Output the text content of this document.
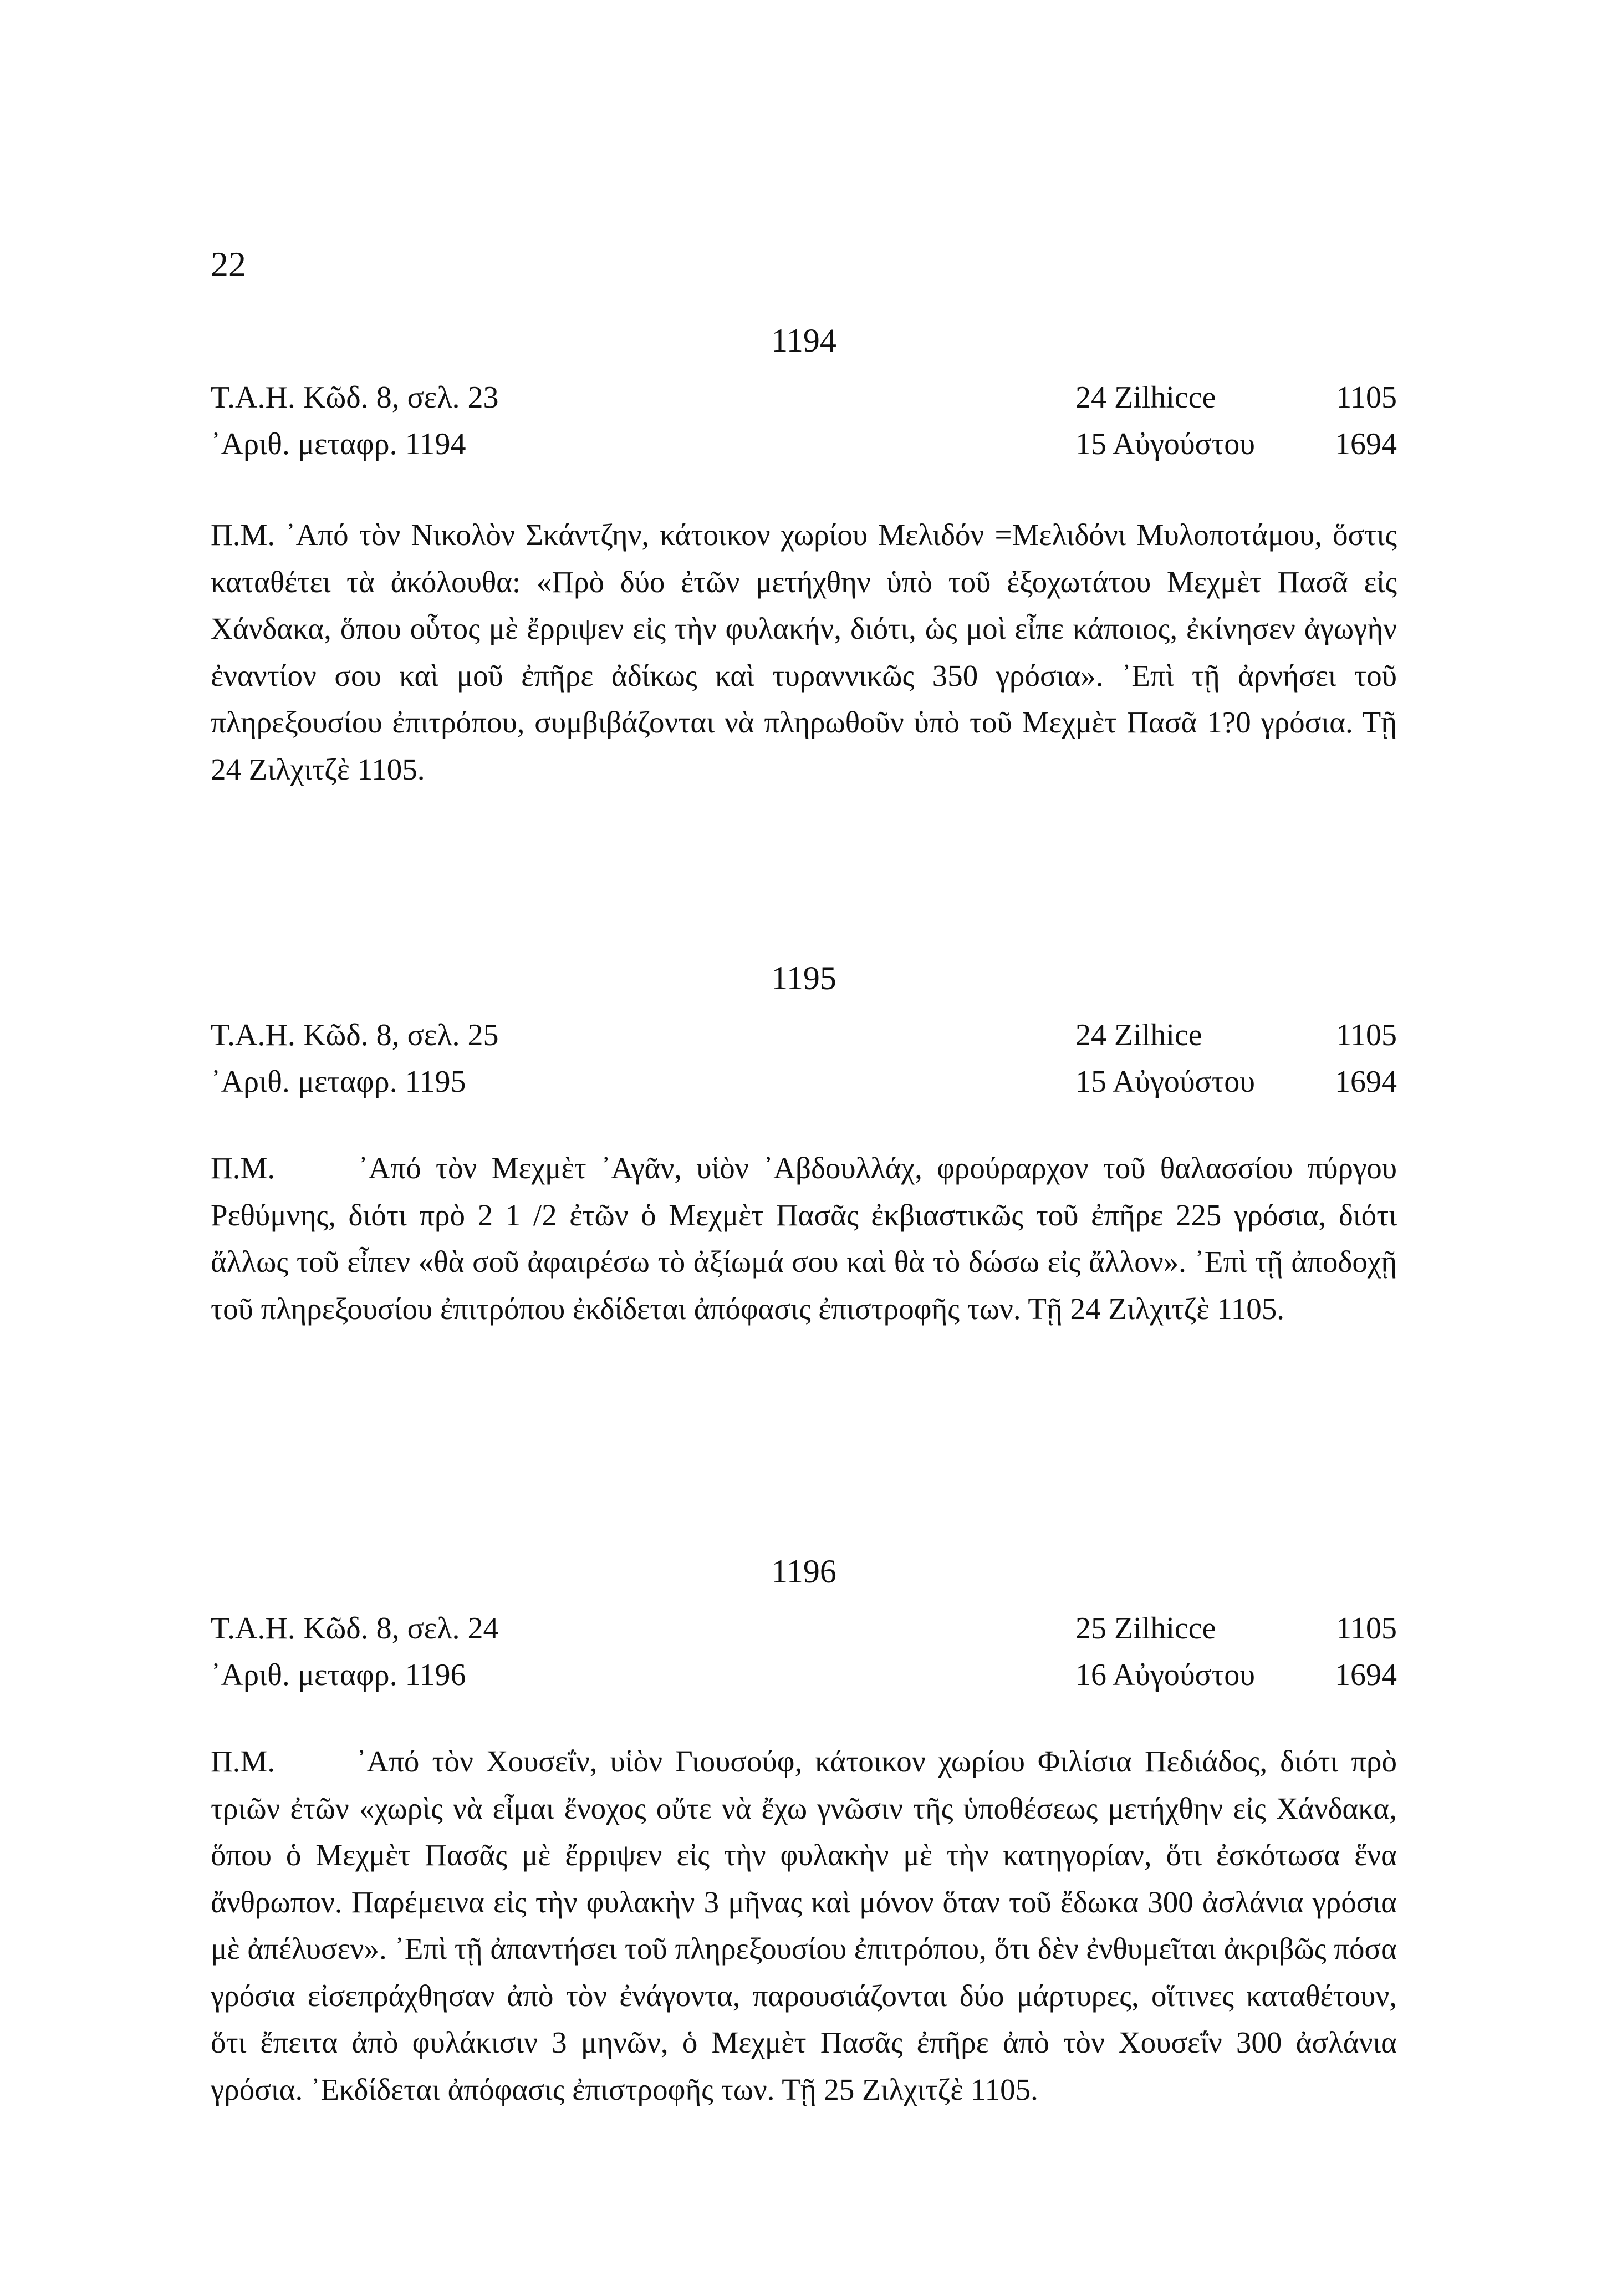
22
1194
Τ.Α.Η. Κῶδ. 8, σελ. 23	24 Zilhicce	1105
᾽Αριθ. μεταφρ. 1194	15 Αὐγούστου	1694
Π.Μ. ᾽Από τὸν Νικολὸν Σκάντζην, κάτοικον χωρίου Μελιδόν =Μελιδόνι Μυλοποτάμου, ὅστις καταθέτει τὰ ἀκόλουθα: «Πρὸ δύο ἐτῶν μετήχθην ὑπὸ τοῦ ἐξοχωτάτου Μεχμὲτ Πασᾶ εἰς Χάνδακα, ὅπου οὗτος μὲ ἔρριψεν εἰς τὴν φυλακήν, διότι, ὡς μοὶ εἶπε κάποιος, ἐκίνησεν ἀγωγὴν ἐναντίον σου καὶ μοῦ ἐπῆρε ἀδίκως καὶ τυραννικῶς 350 γρόσια». ᾽Επὶ τῇ ἀρνήσει τοῦ πληρεξουσίου ἐπιτρόπου, συμβιβάζονται νὰ πληρωθοῦν ὑπὸ τοῦ Μεχμὲτ Πασᾶ 1?0 γρόσια. Τῇ 24 Ζιλχιτζὲ 1105.
1195
Τ.Α.Η. Κῶδ. 8, σελ. 25	24 Zilhice	1105
᾽Αριθ. μεταφρ. 1195	15 Αὐγούστου	1694
Π.Μ.	᾽Από τὸν Μεχμὲτ ᾽Αγᾶν, υἱὸν ᾽Αβδουλλάχ, φρούραρχον τοῦ θαλασσίου πύργου Ρεθύμνης, διότι πρὸ 2 1 /2 ἐτῶν ὁ Μεχμὲτ Πασᾶς ἐκβιαστικῶς τοῦ ἐπῆρε 225 γρόσια, διότι ἄλλως τοῦ εἶπεν «θὰ σοῦ ἀφαιρέσω τὸ ἀξίωμά σου καὶ θὰ τὸ δώσω εἰς ἄλλον». ᾽Επὶ τῇ ἀποδοχῇ τοῦ πληρεξουσίου ἐπιτρόπου ἐκδίδεται ἀπόφασις ἐπιστροφῆς των. Τῇ 24 Ζιλχιτζὲ 1105.
1196
Τ.Α.Η. Κῶδ. 8, σελ. 24	25 Zilhicce	1105
᾽Αριθ. μεταφρ. 1196	16 Αὐγούστου	1694
Π.Μ.	᾽Από τὸν Χουσεΐν, υἱὸν Γιουσούφ, κάτοικον χωρίου Φιλίσια Πεδιάδος, διότι πρὸ τριῶν ἐτῶν «χωρὶς νὰ εἶμαι ἔνοχος οὔτε νὰ ἔχω γνῶσιν τῆς ὑποθέσεως μετήχθην εἰς Χάνδακα, ὅπου ὁ Μεχμὲτ Πασᾶς μὲ ἔρριψεν εἰς τὴν φυλακὴν μὲ τὴν κατηγορίαν, ὅτι ἐσκότωσα ἕνα ἄνθρωπον. Παρέμεινα εἰς τὴν φυλακὴν 3 μῆνας καὶ μόνον ὅταν τοῦ ἔδωκα 300 ἀσλάνια γρόσια μὲ ἀπέλυσεν». ᾽Επὶ τῇ ἀπαντήσει τοῦ πληρεξουσίου ἐπιτρόπου, ὅτι δὲν ἐνθυμεῖται ἀκριβῶς πόσα γρόσια εἰσεπράχθησαν ἀπὸ τὸν ἐνάγοντα, παρουσιάζονται δύο μάρτυρες, οἵτινες καταθέτουν, ὅτι ἔπειτα ἀπὸ φυλάκισιν 3 μηνῶν, ὁ Μεχμὲτ Πασᾶς ἐπῆρε ἀπὸ τὸν Χουσεΐν 300 ἀσλάνια γρόσια. ᾽Εκδίδεται ἀπόφασις ἐπιστροφῆς των. Τῇ 25 Ζιλχιτζὲ 1105.
